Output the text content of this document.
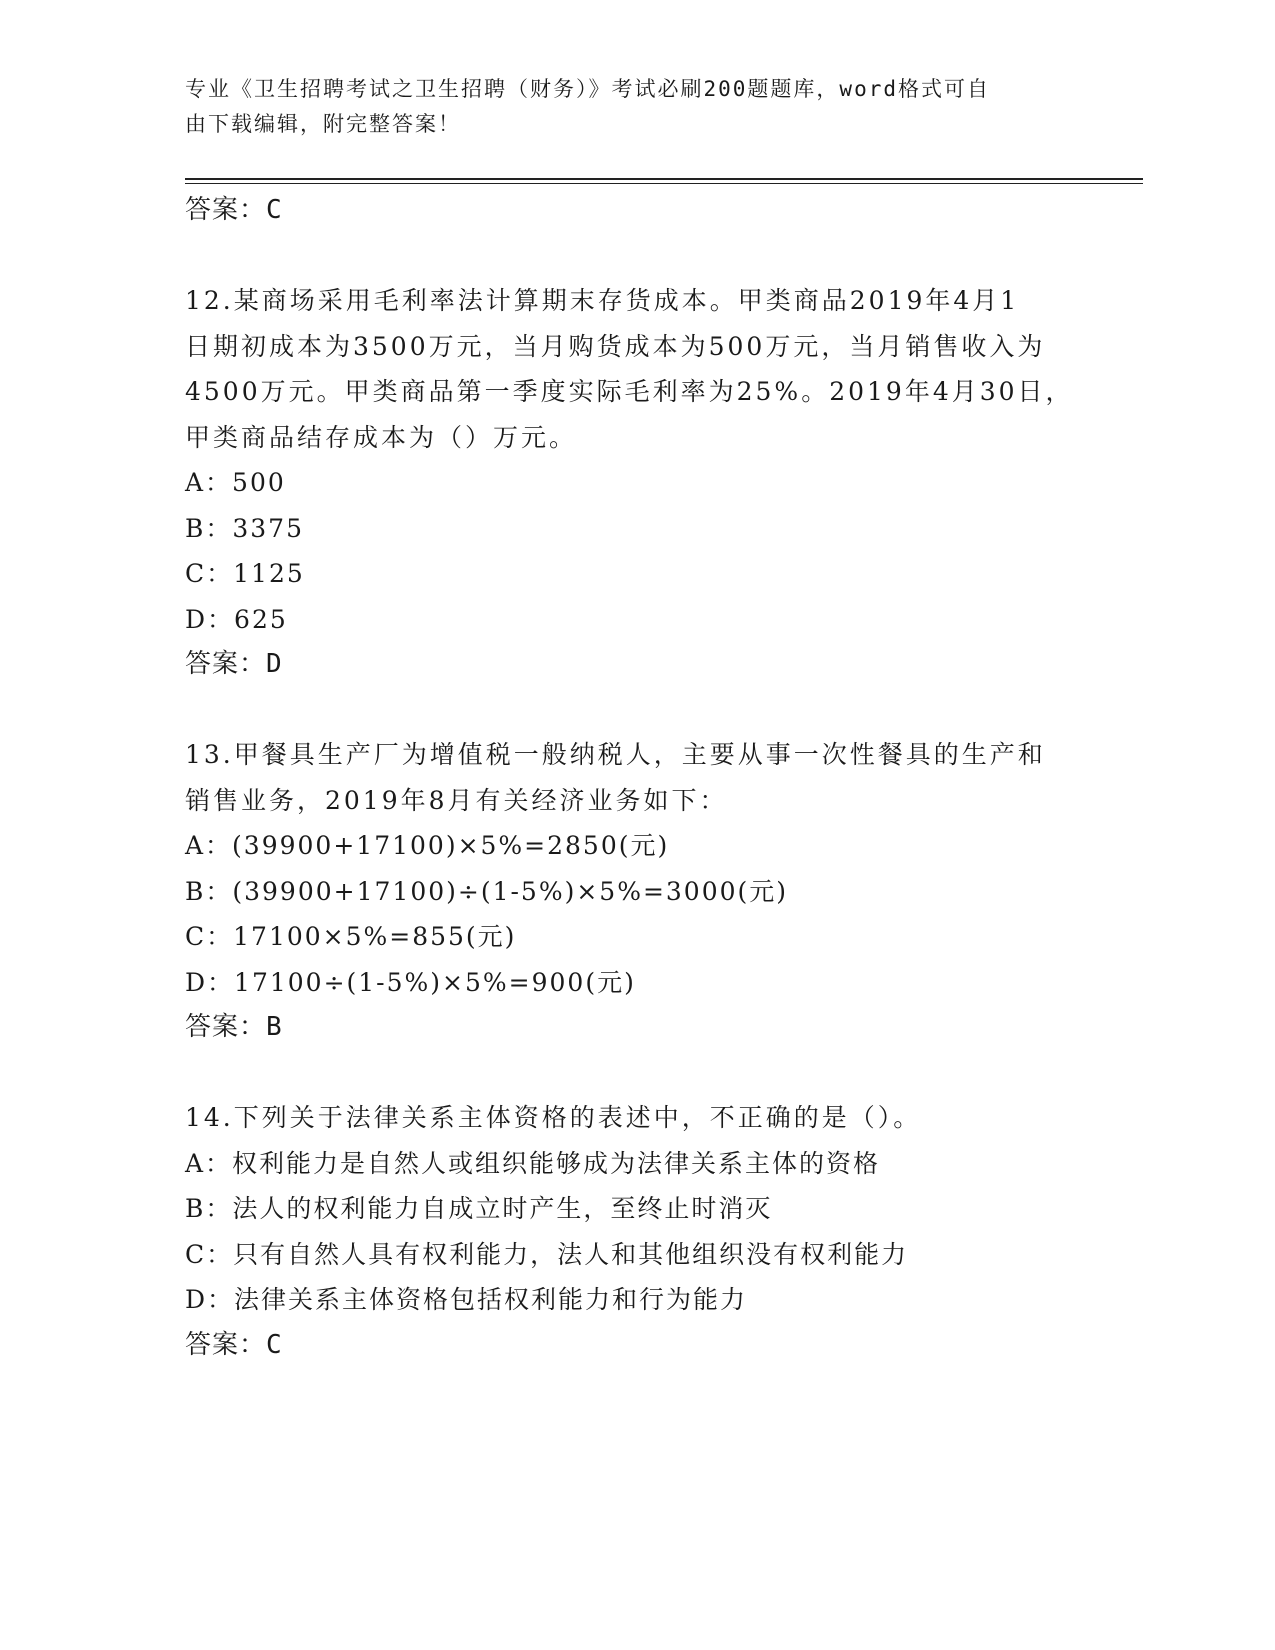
专业《卫生招聘考试之卫生招聘（财务）》考试必刷200题题库，word格式可自
由下载编辑，附完整答案！

答案：C

12.某商场采用毛利率法计算期末存货成本。甲类商品2019年4月1

日期初成本为3500万元，当月购货成本为500万元，当月销售收入为

4500万元。甲类商品第一季度实际毛利率为25%。2019年4月30日，

甲类商品结存成本为（）万元。

A：500

B：3375

C：1125

D：625

答案：D

13.甲餐具生产厂为增值税一般纳税人，主要从事一次性餐具的生产和

销售业务，2019年8月有关经济业务如下：

A：(39900+17100)×5%=2850(元)

B：(39900+17100)÷(1-5%)×5%=3000(元)

C：17100×5%=855(元)

D：17100÷(1-5%)×5%=900(元)

答案：B

14.下列关于法律关系主体资格的表述中，不正确的是（）。

A：权利能力是自然人或组织能够成为法律关系主体的资格

B：法人的权利能力自成立时产生，至终止时消灭

C：只有自然人具有权利能力，法人和其他组织没有权利能力

D：法律关系主体资格包括权利能力和行为能力

答案：C
